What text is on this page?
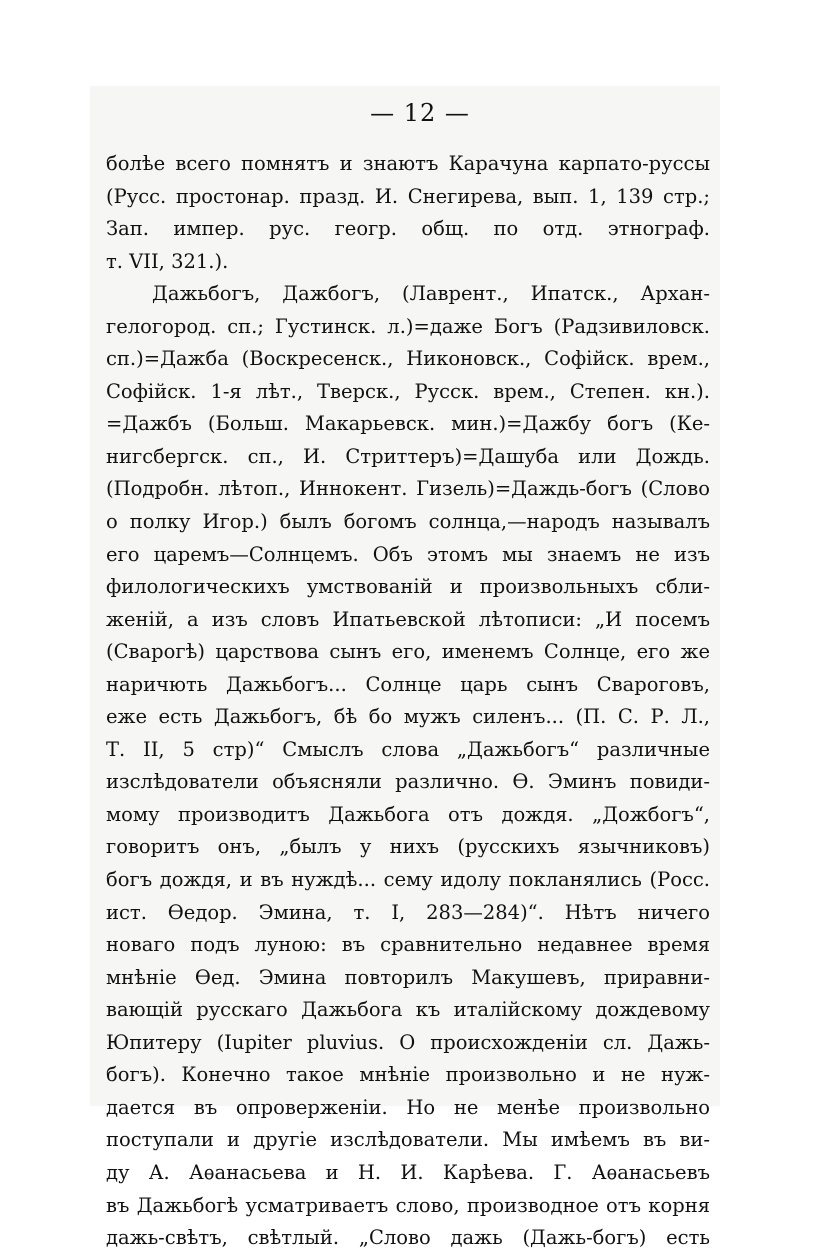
— 12 —
болѣе всего помнятъ и знаютъ Карачуна карпато-руссы
(Русс. простонар. празд. И. Снегирева, вып. 1, 139 стр.;
Зап. импер. рус. геогр. общ. по отд. этнограф.
т. VII, 321.).
Дажьбогъ, Дажбогъ, (Лаврент., Ипатск., Архан-
гелогород. сп.; Густинск. л.)=даже Богъ (Радзивиловск.
сп.)=Дажба (Воскресенск., Никоновск., Софійск. врем.,
Софійск. 1-я лѣт., Тверск., Русск. врем., Степен. кн.).
=Дажбъ (Больш. Макарьевск. мин.)=Дажбу богъ (Ке-
нигсбергск. сп., И. Стриттеръ)=Дашуба или Дождь.
(Подробн. лѣтоп., Иннокент. Гизель)=Даждь-богъ (Слово
о полку Игор.) былъ богомъ солнца,—народъ называлъ
его царемъ—Солнцемъ. Объ этомъ мы знаемъ не изъ
филологическихъ умствованій и произвольныхъ сбли-
женій, а изъ словъ Ипатьевской лѣтописи: „И посемъ
(Сварогѣ) царствова сынъ его, именемъ Солнце, его же
наричють Дажьбогъ... Солнце царь сынъ Свароговъ,
еже есть Дажьбогъ, бѣ бо мужъ силенъ... (П. С. Р. Л.,
Т. II, 5 стр)“ Смыслъ слова „Дажьбогъ“ различные
изслѣдователи объясняли различно. Ѳ. Эминъ повиди-
мому производитъ Дажьбога отъ дождя. „Дожбогъ“,
говоритъ онъ, „былъ у нихъ (русскихъ язычниковъ)
богъ дождя, и въ нуждѣ... сему идолу покланялись (Росс.
ист. Ѳедор. Эмина, т. I, 283—284)“. Нѣтъ ничего
новаго подъ луною: въ сравнительно недавнее время
мнѣніе Ѳед. Эмина повторилъ Макушевъ, приравни-
вающій русскаго Дажьбога къ италійскому дождевому
Юпитеру (Iupiter pluvius. О происхожденіи сл. Дажь-
богъ). Конечно такое мнѣніе произвольно и не нуж-
дается въ опроверженіи. Но не менѣе произвольно
поступали и другіе изслѣдователи. Мы имѣемъ въ ви-
ду А. Аѳанасьева и Н. И. Карѣева. Г. Аѳанасьевъ
въ Дажьбогѣ усматриваетъ слово, производное отъ корня
дажь-свѣтъ, свѣтлый. „Слово дажь (Дажь-богъ) есть
